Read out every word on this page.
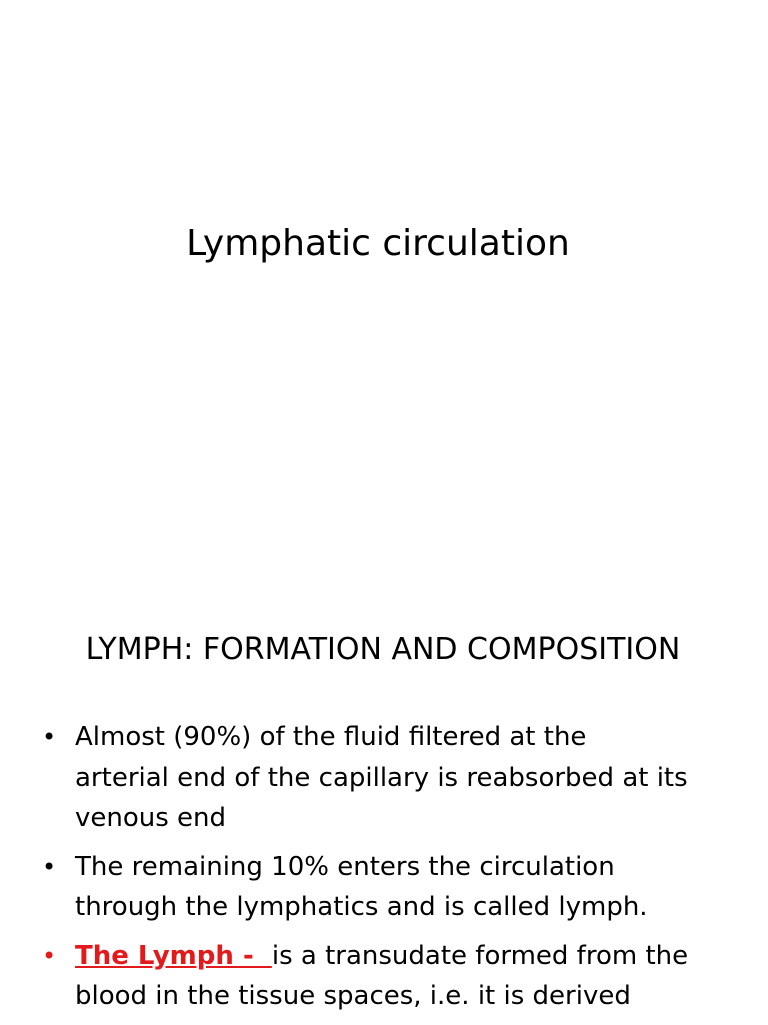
Lymphatic circulation
LYMPH: FORMATION AND COMPOSITION
• Almost (90%) of the fluid filtered at the
arterial end of the capillary is reabsorbed at its
venous end
• The remaining 10% enters the circulation
through the lymphatics and is called lymph.
• The Lymph -  is a transudate formed from the
blood in the tissue spaces, i.e. it is derived
